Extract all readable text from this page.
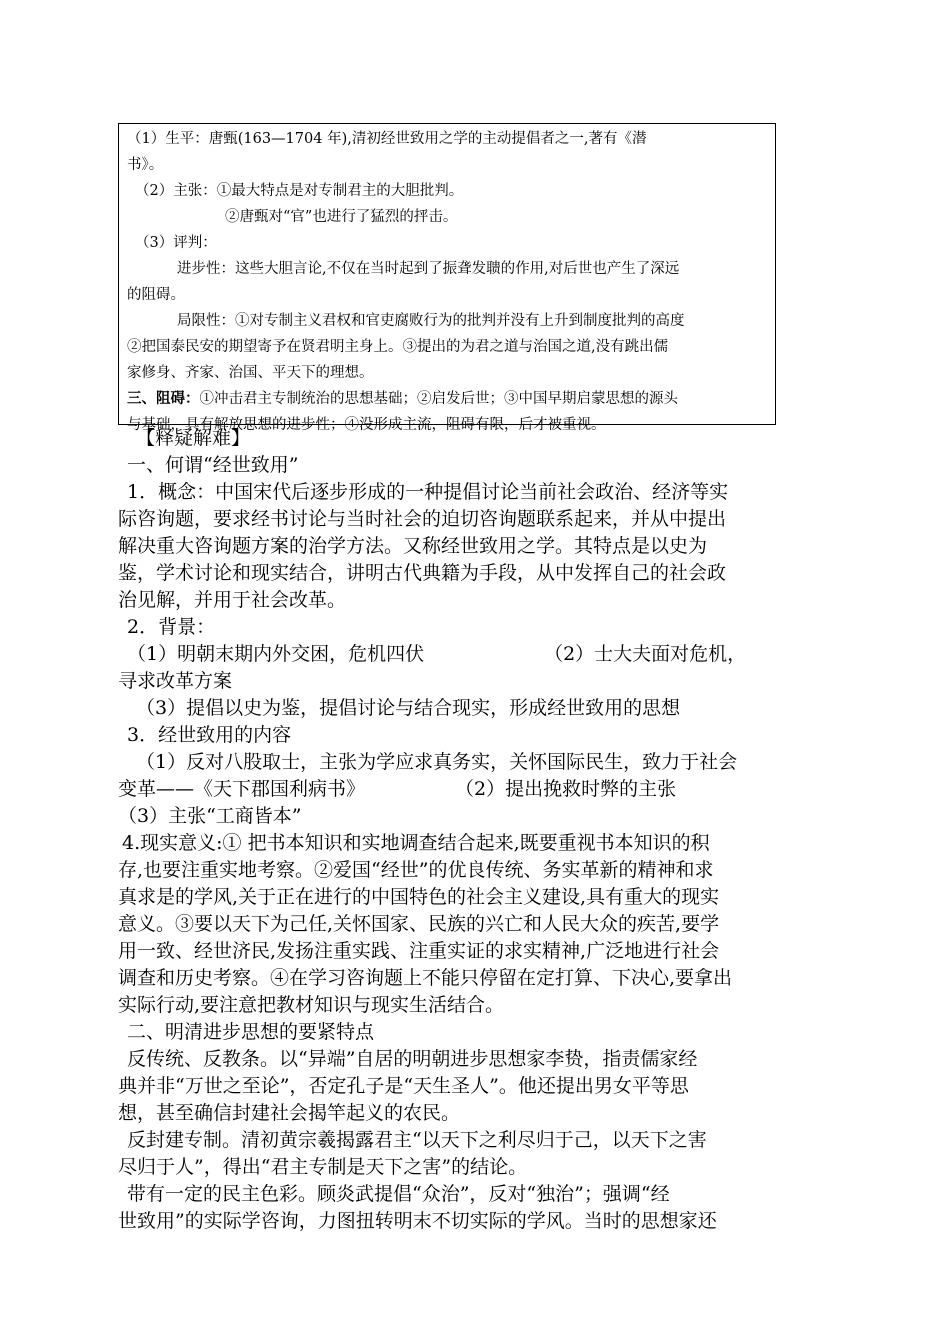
（1）生平：唐甄(163—1704 年),清初经世致用之学的主动提倡者之一,著有《潜
书》。
（2）主张：①最大特点是对专制君主的大胆批判。
②唐甄对“官”也进行了猛烈的抨击。
（3）评判：
进步性：这些大胆言论,不仅在当时起到了振聋发聩的作用,对后世也产生了深远
的阻碍。
局限性：①对专制主义君权和官吏腐败行为的批判并没有上升到制度批判的高度
②把国泰民安的期望寄予在贤君明主身上。③提出的为君之道与治国之道,没有跳出儒
家修身、齐家、治国、平天下的理想。
三、阻碍：①冲击君主专制统治的思想基础；②启发后世；③中国早期启蒙思想的源头
与基础，具有解放思想的进步性；④没形成主流，阻碍有限，后才被重视。
【释疑解难】
一、何谓“经世致用”
1．概念：中国宋代后逐步形成的一种提倡讨论当前社会政治、经济等实
际咨询题，要求经书讨论与当时社会的迫切咨询题联系起来，并从中提出
解决重大咨询题方案的治学方法。又称经世致用之学。其特点是以史为
鉴，学术讨论和现实结合，讲明古代典籍为手段，从中发挥自己的社会政
治见解，并用于社会改革。
2．背景：
（1）明朝末期内外交困，危机四伏	（2）士大夫面对危机，
寻求改革方案
（3）提倡以史为鉴，提倡讨论与结合现实，形成经世致用的思想
3．经世致用的内容
（1）反对八股取士，主张为学应求真务实，关怀国际民生，致力于社会
变革——《天下郡国利病书》	（2）提出挽救时弊的主张
（3）主张“工商皆本”
4.现实意义:① 把书本知识和实地调查结合起来,既要重视书本知识的积
存,也要注重实地考察。②爱国“经世”的优良传统、务实革新的精神和求
真求是的学风,关于正在进行的中国特色的社会主义建设,具有重大的现实
意义。③要以天下为己任,关怀国家、民族的兴亡和人民大众的疾苦,要学
用一致、经世济民,发扬注重实践、注重实证的求实精神,广泛地进行社会
调查和历史考察。④在学习咨询题上不能只停留在定打算、下决心,要拿出
实际行动,要注意把教材知识与现实生活结合。
二、明清进步思想的要紧特点
反传统、反教条。以“异端”自居的明朝进步思想家李贽，指责儒家经
典并非“万世之至论”，否定孔子是“天生圣人”。他还提出男女平等思
想，甚至确信封建社会揭竿起义的农民。
反封建专制。清初黄宗羲揭露君主“以天下之利尽归于己，以天下之害
尽归于人”，得出“君主专制是天下之害”的结论。
带有一定的民主色彩。顾炎武提倡“众治”，反对“独治”；强调“经
世致用”的实际学咨询，力图扭转明末不切实际的学风。当时的思想家还
